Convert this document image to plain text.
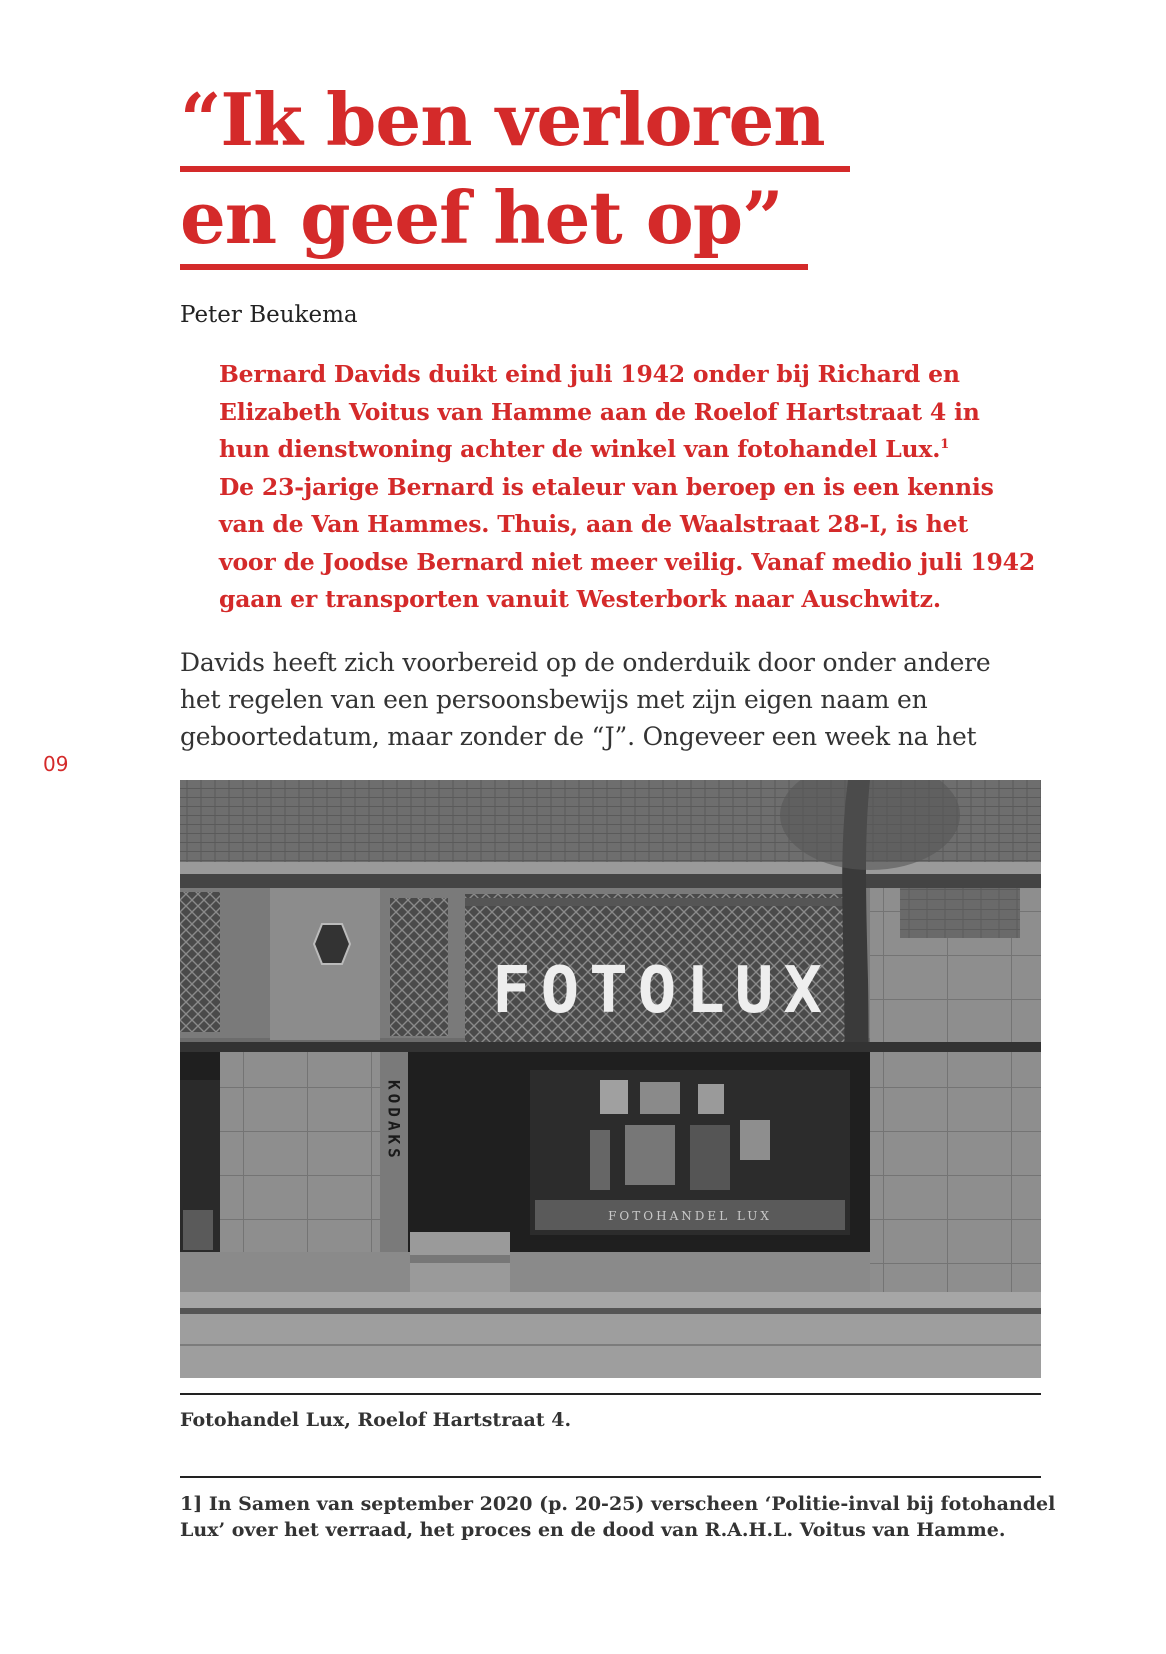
“Ik ben verloren
en geef het op”

Peter Beukema

Bernard Davids duikt eind juli 1942 onder bij Richard en
Elizabeth Voitus van Hamme aan de Roelof Hartstraat 4 in
hun dienstwoning achter de winkel van fotohandel Lux.$^1$
De 23-jarige Bernard is etaleur van beroep en is een kennis
van de Van Hammes. Thuis, aan de Waalstraat 28-I, is het
voor de Joodse Bernard niet meer veilig. Vanaf medio juli 1942
gaan er transporten vanuit Westerbork naar Auschwitz.
Davids heeft zich voorbereid op de onderduik door onder andere
het regelen van een persoonsbewijs met zijn eigen naam en
geboortedatum, maar zonder de “J”. Ongeveer een week na het
09
FOTOLUX
KODAKS
FOTOHANDEL LUX

Fotohandel Lux, Roelof Hartstraat 4.

1] In Samen van september 2020 (p. 20-25) verscheen ‘Politie-inval bij fotohandel
Lux’ over het verraad, het proces en de dood van R.A.H.L. Voitus van Hamme.
